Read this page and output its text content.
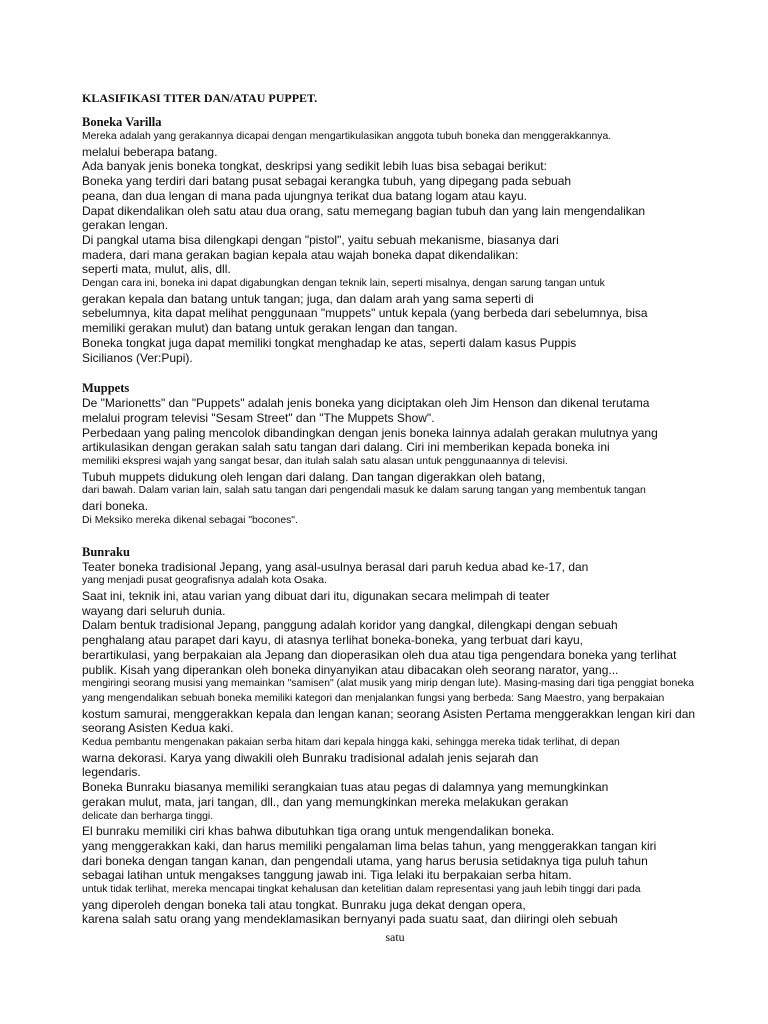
KLASIFIKASI TITER DAN/ATAU PUPPET.
Boneka Varilla
Mereka adalah yang gerakannya dicapai dengan mengartikulasikan anggota tubuh boneka dan menggerakkannya.
melalui beberapa batang.
Ada banyak jenis boneka tongkat, deskripsi yang sedikit lebih luas bisa sebagai berikut:
Boneka yang terdiri dari batang pusat sebagai kerangka tubuh, yang dipegang pada sebuah
peana, dan dua lengan di mana pada ujungnya terikat dua batang logam atau kayu.
Dapat dikendalikan oleh satu atau dua orang, satu memegang bagian tubuh dan yang lain mengendalikan
gerakan lengan.
Di pangkal utama bisa dilengkapi dengan "pistol", yaitu sebuah mekanisme, biasanya dari
madera, dari mana gerakan bagian kepala atau wajah boneka dapat dikendalikan:
seperti mata, mulut, alis, dll.
Dengan cara ini, boneka ini dapat digabungkan dengan teknik lain, seperti misalnya, dengan sarung tangan untuk
gerakan kepala dan batang untuk tangan; juga, dan dalam arah yang sama seperti di
sebelumnya, kita dapat melihat penggunaan "muppets" untuk kepala (yang berbeda dari sebelumnya, bisa
memiliki gerakan mulut) dan batang untuk gerakan lengan dan tangan.
Boneka tongkat juga dapat memiliki tongkat menghadap ke atas, seperti dalam kasus Puppis
Sicilianos (Ver:Pupi).
Muppets
De "Marionetts" dan "Puppets" adalah jenis boneka yang diciptakan oleh Jim Henson dan dikenal terutama
melalui program televisi "Sesam Street" dan "The Muppets Show".
Perbedaan yang paling mencolok dibandingkan dengan jenis boneka lainnya adalah gerakan mulutnya yang
artikulasikan dengan gerakan salah satu tangan dari dalang. Ciri ini memberikan kepada boneka ini
memiliki ekspresi wajah yang sangat besar, dan itulah salah satu alasan untuk penggunaannya di televisi.
Tubuh muppets didukung oleh lengan dari dalang. Dan tangan digerakkan oleh batang,
dari bawah. Dalam varian lain, salah satu tangan dari pengendali masuk ke dalam sarung tangan yang membentuk tangan
dari boneka.
Di Meksiko mereka dikenal sebagai "bocones".
Bunraku
Teater boneka tradisional Jepang, yang asal-usulnya berasal dari paruh kedua abad ke-17, dan
yang menjadi pusat geografisnya adalah kota Osaka.
Saat ini, teknik ini, atau varian yang dibuat dari itu, digunakan secara melimpah di teater
wayang dari seluruh dunia.
Dalam bentuk tradisional Jepang, panggung adalah koridor yang dangkal, dilengkapi dengan sebuah
penghalang atau parapet dari kayu, di atasnya terlihat boneka-boneka, yang terbuat dari kayu,
berartikulasi, yang berpakaian ala Jepang dan dioperasikan oleh dua atau tiga pengendara boneka yang terlihat
publik. Kisah yang diperankan oleh boneka dinyanyikan atau dibacakan oleh seorang narator, yang...
mengiringi seorang musisi yang memainkan "samisen" (alat musik yang mirip dengan lute). Masing-masing dari tiga penggiat boneka
yang mengendalikan sebuah boneka memiliki kategori dan menjalankan fungsi yang berbeda: Sang Maestro, yang berpakaian
kostum samurai, menggerakkan kepala dan lengan kanan; seorang Asisten Pertama menggerakkan lengan kiri dan
seorang Asisten Kedua kaki.
Kedua pembantu mengenakan pakaian serba hitam dari kepala hingga kaki, sehingga mereka tidak terlihat, di depan
warna dekorasi. Karya yang diwakili oleh Bunraku tradisional adalah jenis sejarah dan
legendaris.
Boneka Bunraku biasanya memiliki serangkaian tuas atau pegas di dalamnya yang memungkinkan
gerakan mulut, mata, jari tangan, dll., dan yang memungkinkan mereka melakukan gerakan
delicate dan berharga tinggi.
El bunraku memiliki ciri khas bahwa dibutuhkan tiga orang untuk mengendalikan boneka.
yang menggerakkan kaki, dan harus memiliki pengalaman lima belas tahun, yang menggerakkan tangan kiri
dari boneka dengan tangan kanan, dan pengendali utama, yang harus berusia setidaknya tiga puluh tahun
sebagai latihan untuk mengakses tanggung jawab ini. Tiga lelaki itu berpakaian serba hitam.
untuk tidak terlihat, mereka mencapai tingkat kehalusan dan ketelitian dalam representasi yang jauh lebih tinggi dari pada
yang diperoleh dengan boneka tali atau tongkat. Bunraku juga dekat dengan opera,
karena salah satu orang yang mendeklamasikan bernyanyi pada suatu saat, dan diiringi oleh sebuah
satu
